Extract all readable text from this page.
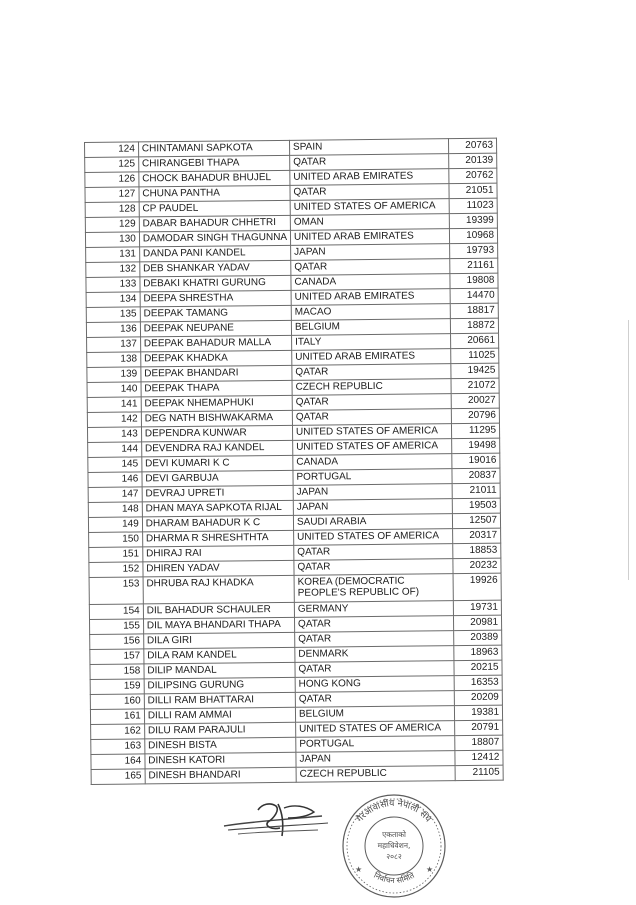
124	CHINTAMANI SAPKOTA	SPAIN	20763
125	CHIRANGEBI THAPA	QATAR	20139
126	CHOCK BAHADUR BHUJEL	UNITED ARAB EMIRATES	20762
127	CHUNA PANTHA	QATAR	21051
128	CP PAUDEL	UNITED STATES OF AMERICA	11023
129	DABAR BAHADUR CHHETRI	OMAN	19399
130	DAMODAR SINGH THAGUNNA	UNITED ARAB EMIRATES	10968
131	DANDA PANI KANDEL	JAPAN	19793
132	DEB SHANKAR YADAV	QATAR	21161
133	DEBAKI KHATRI GURUNG	CANADA	19808
134	DEEPA SHRESTHA	UNITED ARAB EMIRATES	14470
135	DEEPAK TAMANG	MACAO	18817
136	DEEPAK NEUPANE	BELGIUM	18872
137	DEEPAK BAHADUR MALLA	ITALY	20661
138	DEEPAK KHADKA	UNITED ARAB EMIRATES	11025
139	DEEPAK BHANDARI	QATAR	19425
140	DEEPAK THAPA	CZECH REPUBLIC	21072
141	DEEPAK NHEMAPHUKI	QATAR	20027
142	DEG NATH BISHWAKARMA	QATAR	20796
143	DEPENDRA KUNWAR	UNITED STATES OF AMERICA	11295
144	DEVENDRA RAJ KANDEL	UNITED STATES OF AMERICA	19498
145	DEVI KUMARI K C	CANADA	19016
146	DEVI GARBUJA	PORTUGAL	20837
147	DEVRAJ UPRETI	JAPAN	21011
148	DHAN MAYA SAPKOTA RIJAL	JAPAN	19503
149	DHARAM BAHADUR K C	SAUDI ARABIA	12507
150	DHARMA R SHRESHTHTA	UNITED STATES OF AMERICA	20317
151	DHIRAJ RAI	QATAR	18853
152	DHIREN YADAV	QATAR	20232
153	DHRUBA RAJ KHADKA	KOREA (DEMOCRATIC PEOPLE'S REPUBLIC OF)	19926
154	DIL BAHADUR SCHAULER	GERMANY	19731
155	DIL MAYA BHANDARI THAPA	QATAR	20981
156	DILA GIRI	QATAR	20389
157	DILA RAM KANDEL	DENMARK	18963
158	DILIP MANDAL	QATAR	20215
159	DILIPSING GURUNG	HONG KONG	16353
160	DILLI RAM BHATTARAI	QATAR	20209
161	DILLI RAM AMMAI	BELGIUM	19381
162	DILU RAM PARAJULI	UNITED STATES OF AMERICA	20791
163	DINESH BISTA	PORTUGAL	18807
164	DINESH KATORI	JAPAN	12412
165	DINESH BHANDARI	CZECH REPUBLIC	21105
गैरआवासीय नेपाली संघ
निर्वाचन समिति
एकताको
महाधिवेशन,
२०८२
★	★
